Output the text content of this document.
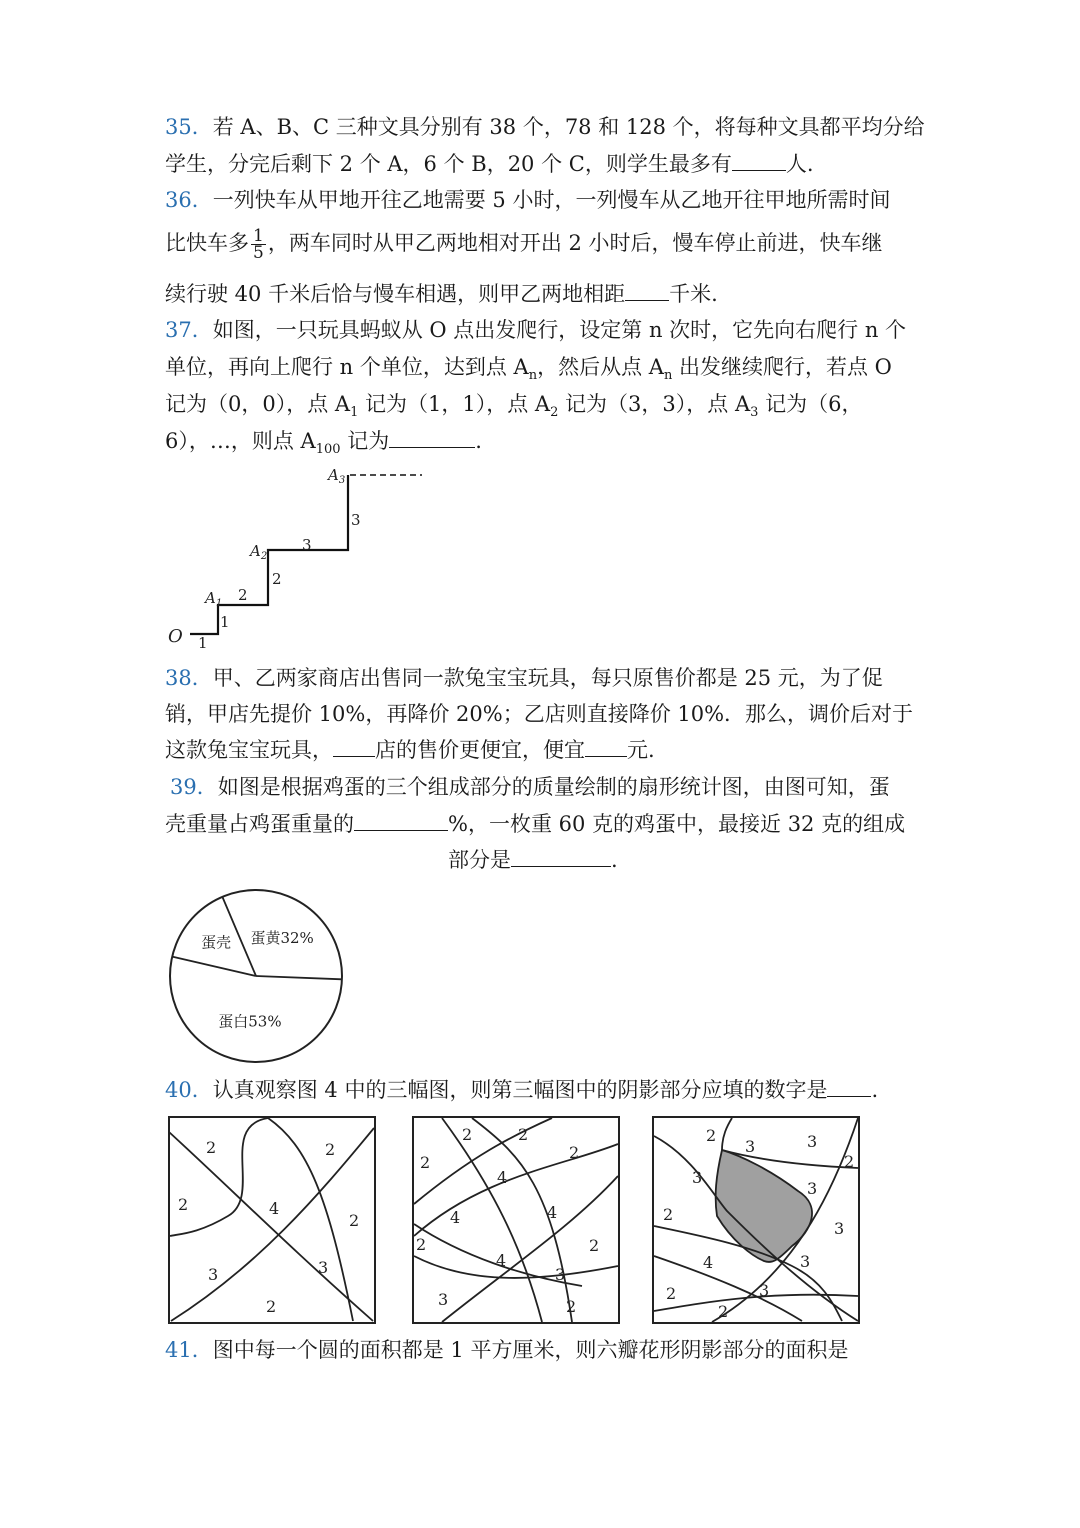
35．若 A、B、C 三种文具分别有 38 个，78 和 128 个，将每种文具都平均分给
学生，分完后剩下 2 个 A，6 个 B，20 个 C，则学生最多有	人.
36．一列快车从甲地开往乙地需要 5 小时，一列慢车从乙地开往甲地所需时间
比快车多 $\frac{1}{5}$ ，两车同时从甲乙两地相对开出 2 小时后，慢车停止前进，快车继
续行驶 40 千米后恰与慢车相遇，则甲乙两地相距 千米.
37．如图，一只玩具蚂蚁从 O 点出发爬行，设定第 n 次时，它先向右爬行 n 个
单位，再向上爬行 n 个单位，达到点 $A_n$，然后从点 $A_n$ 出发继续爬行，若点 O
记为（0，0），点 $A_1$ 记为（1，1），点 $A_2$ 记为（3，3），点 $A_3$ 记为（6，
6），…，则点 $A_{100}$ 记为	.
O 1
1
$A_1$ 2
2
$A_2$
3
3
$A_3$
38．甲、乙两家商店出售同一款兔宝宝玩具，每只原售价都是 25 元，为了促
销，甲店先提价 10%，再降价 20%；乙店则直接降价 10%．那么，调价后对于
这款兔宝宝玩具， 店的售价更便宜，便宜 元.
39．如图是根据鸡蛋的三个组成部分的质量绘制的扇形统计图，由图可知，蛋
壳重量占鸡蛋重量的	%，一枚重 60 克的鸡蛋中，最接近 32 克的组成
部分是	.
蛋黄32%
蛋壳
蛋白53%
40．认真观察图 4 中的三幅图，则第三幅图中的阴影部分应填的数字是 .
2	2
2	4
2
3	3
2
2	2
2
2
4
4	4
2	2
4
3
3	2
2
3	3
2
3
3
2
3
4	3
3
2
2
41．图中每一个圆的面积都是 1 平方厘米，则六瓣花形阴影部分的面积是
